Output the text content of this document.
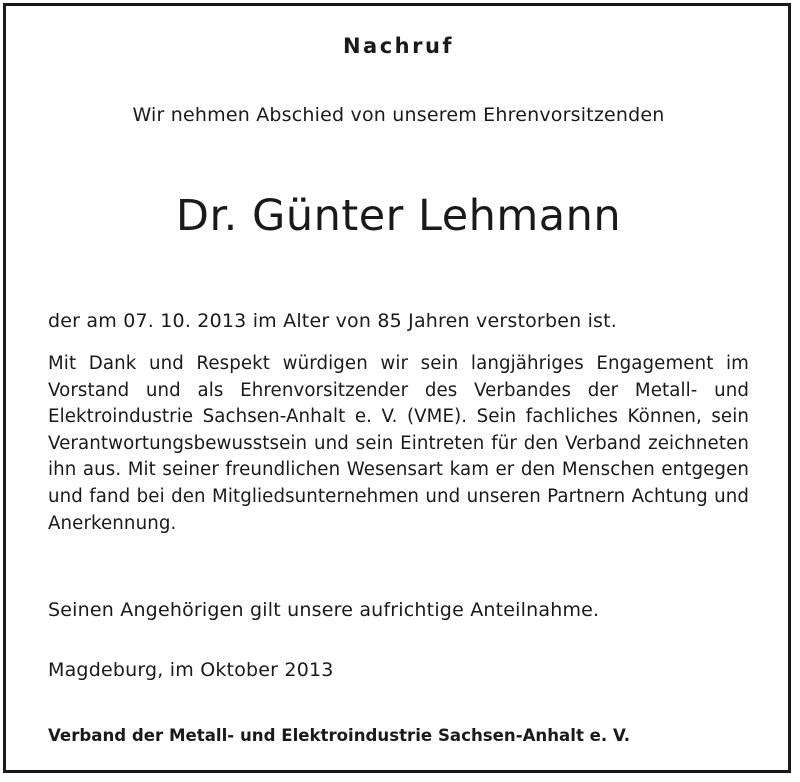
Nachruf
Wir nehmen Abschied von unserem Ehrenvorsitzenden
Dr. Günter Lehmann
der am 07. 10. 2013 im Alter von 85 Jahren verstorben ist.
Mit Dank und Respekt würdigen wir sein langjähriges Engagement im Vorstand und als Ehrenvorsitzender des Verbandes der Metall- und Elektroindustrie Sachsen-Anhalt e. V. (VME). Sein fachliches Können, sein Verantwortungsbewusstsein und sein Eintreten für den Verband zeichneten ihn aus. Mit seiner freundlichen Wesensart kam er den Menschen entgegen und fand bei den Mitgliedsunternehmen und unseren Partnern Achtung und Anerkennung.
Seinen Angehörigen gilt unsere aufrichtige Anteilnahme.
Magdeburg, im Oktober 2013
Verband der Metall- und Elektroindustrie Sachsen-Anhalt e. V.
